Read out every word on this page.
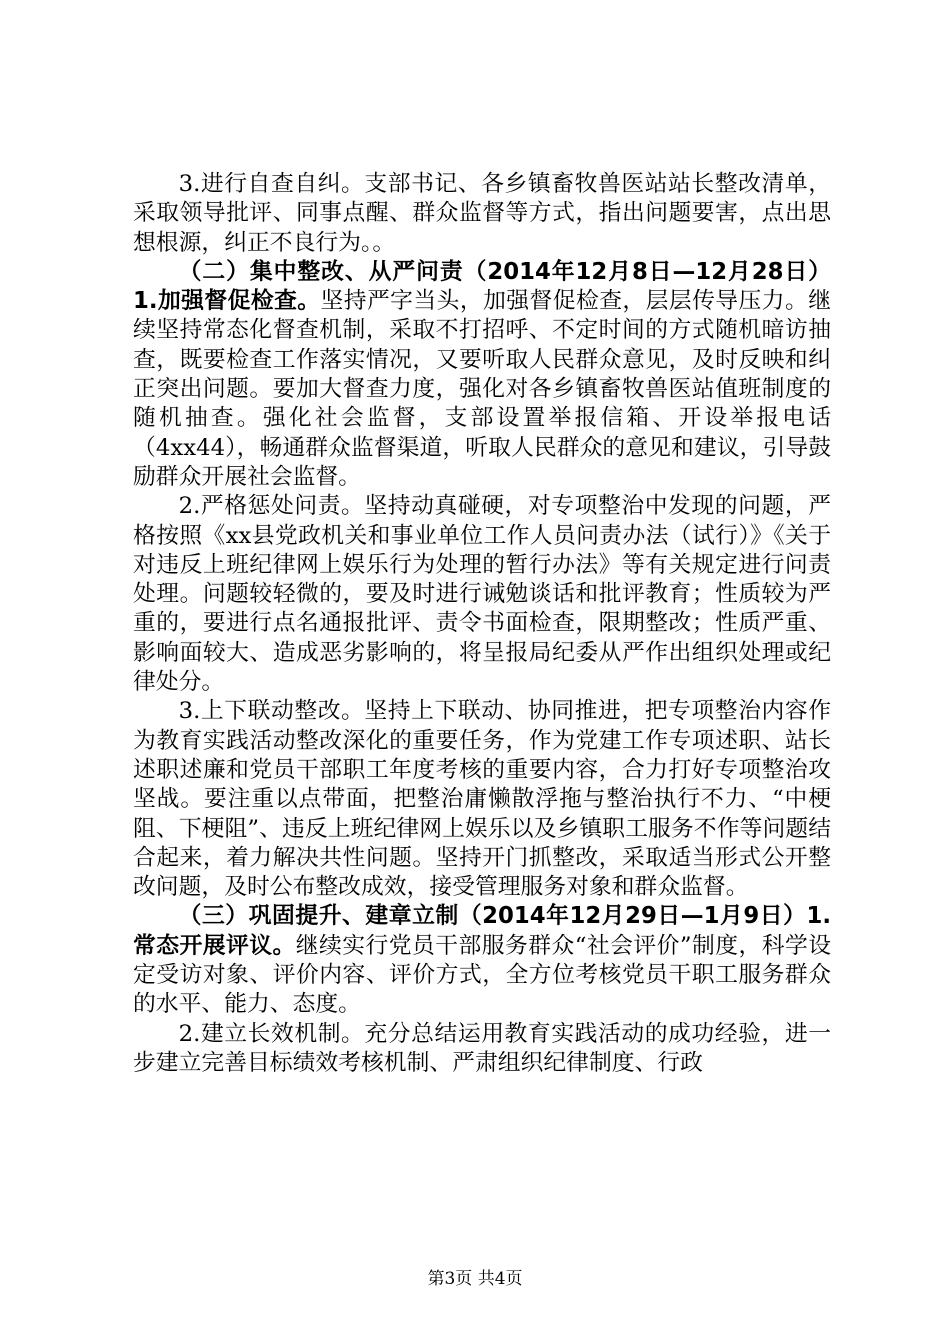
3.进行自查自纠。支部书记、各乡镇畜牧兽医站站长整改清单，采取领导批评、同事点醒、群众监督等方式，指出问题要害，点出思想根源，纠正不良行为。。

（二）集中整改、从严问责（2014年12月8日—12月28日）1.加强督促检查。坚持严字当头，加强督促检查，层层传导压力。继续坚持常态化督查机制，采取不打招呼、不定时间的方式随机暗访抽查，既要检查工作落实情况，又要听取人民群众意见，及时反映和纠正突出问题。要加大督查力度，强化对各乡镇畜牧兽医站值班制度的随机抽查。强化社会监督，支部设置举报信箱、开设举报电话（4xx44），畅通群众监督渠道，听取人民群众的意见和建议，引导鼓励群众开展社会监督。

2.严格惩处问责。坚持动真碰硬，对专项整治中发现的问题，严格按照《xx县党政机关和事业单位工作人员问责办法（试行）》《关于对违反上班纪律网上娱乐行为处理的暂行办法》等有关规定进行问责处理。问题较轻微的，要及时进行诫勉谈话和批评教育；性质较为严重的，要进行点名通报批评、责令书面检查，限期整改；性质严重、影响面较大、造成恶劣影响的，将呈报局纪委从严作出组织处理或纪律处分。

3.上下联动整改。坚持上下联动、协同推进，把专项整治内容作为教育实践活动整改深化的重要任务，作为党建工作专项述职、站长述职述廉和党员干部职工年度考核的重要内容，合力打好专项整治攻坚战。要注重以点带面，把整治庸懒散浮拖与整治执行不力、“中梗阻、下梗阻”、违反上班纪律网上娱乐以及乡镇职工服务不作等问题结合起来，着力解决共性问题。坚持开门抓整改，采取适当形式公开整改问题，及时公布整改成效，接受管理服务对象和群众监督。

（三）巩固提升、建章立制（2014年12月29日—1月9日）1.常态开展评议。继续实行党员干部服务群众“社会评价”制度，科学设定受访对象、评价内容、评价方式，全方位考核党员干职工服务群众的水平、能力、态度。

2.建立长效机制。充分总结运用教育实践活动的成功经验，进一步建立完善目标绩效考核机制、严肃组织纪律制度、行政

第3页 共4页
